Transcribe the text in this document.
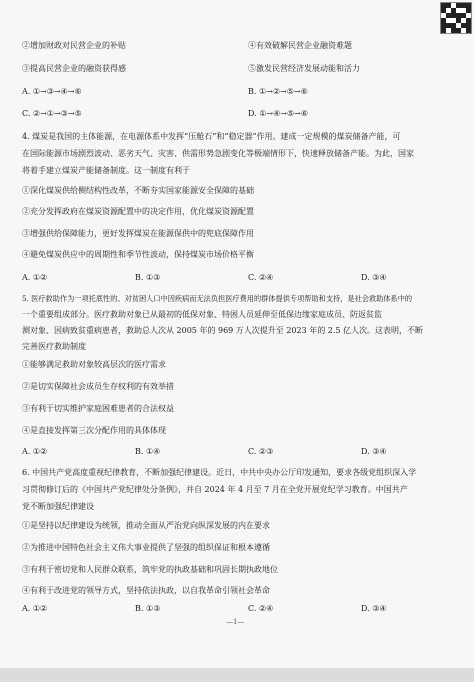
②增加财政对民营企业的补贴	④有效破解民营企业融资难题
③提高民营企业的融资获得感	⑤激发民营经济发展动能和活力
A. ①→③→④→⑥	B. ①→②→⑤→⑥
C. ②→①→③→⑤	D. ①→④→⑤→⑥
4. 煤炭是我国的主体能源，在电源体系中发挥“压舱石”和“稳定器”作用。建成一定规模的煤炭储备产能，可
在国际能源市场剧烈波动、恶劣天气、灾害、供需形势急剧变化等极端情形下，快速释放储备产能。为此，国家
将着手建立煤炭产能储备制度。这一制度有利于
①深化煤炭供给侧结构性改革，不断夯实国家能源安全保障的基础
②充分发挥政府在煤炭资源配置中的决定作用，优化煤炭资源配置
③增强供给保障能力，更好发挥煤炭在能源保供中的兜底保障作用
④避免煤炭供应中的周期性和季节性波动，保持煤炭市场价格平衡
A. ①②	B. ①③	C. ②④	D. ③④
5. 医疗救助作为一项托底性的、对贫困人口中因疾病而无法负担医疗费用的群体提供专项帮助和支持，是社会救助体系中的
一个重要组成部分。医疗救助对象已从最初的低保对象、特困人员延伸至低保边缘家庭成员、防返贫监
测对象、因病致贫重病患者，救助总人次从 2005 年的 969 万人次提升至 2023 年的 2.5 亿人次。这表明，不断
完善医疗救助制度
①能够满足救助对象较高层次的医疗需求
②是切实保障社会成员生存权利的有效举措
③有利于切实维护家庭困难患者的合法权益
④是直接发挥第三次分配作用的具体体现
A. ①②	B. ①④	C. ②③	D. ③④
6. 中国共产党高度重视纪律教育，不断加强纪律建设。近日，中共中央办公厅印发通知，要求各级党组织深入学
习贯彻修订后的《中国共产党纪律处分条例》，并自 2024 年 4 月至 7 月在全党开展党纪学习教育。中国共产
党不断加强纪律建设
①是坚持以纪律建设为统领，推动全面从严治党向纵深发展的内在要求
②为推进中国特色社会主义伟大事业提供了坚强的组织保证和根本遵循
③有利于密切党和人民群众联系，筑牢党的执政基础和巩固长期执政地位
④有利于改进党的领导方式，坚持依法执政，以自我革命引领社会革命
A. ①②	B. ①③	C. ②④	D. ③④
—1—
